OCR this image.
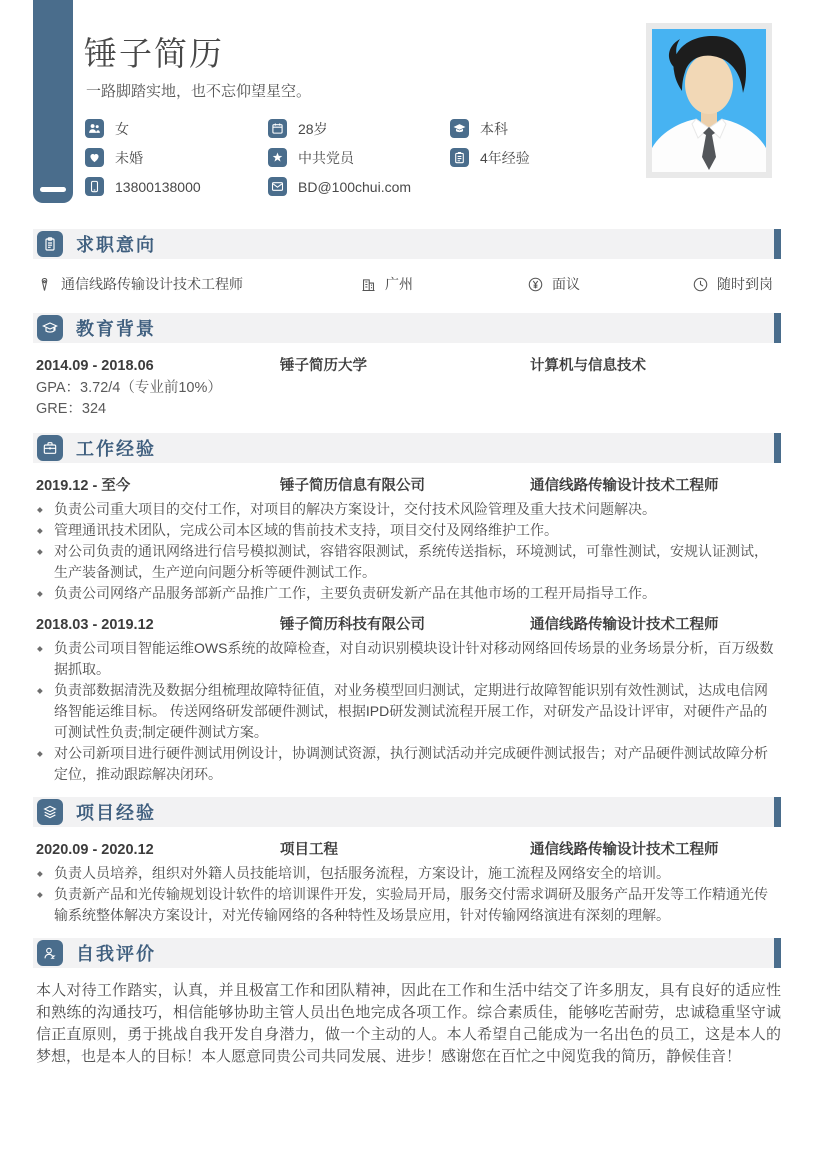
锤子简历

一路脚踏实地，也不忘仰望星空。

女	28岁	本科
未婚	中共党员	4年经验
13800138000	BD@100chui.com
求职意向
通信线路传输设计技术工程师	广州	面议	随时到岗
教育背景
2014.09 - 2018.06	锤子简历大学	计算机与信息技术

GPA：3.72/4（专业前10%）

GRE：324

工作经验
2019.12 - 至今	锤子简历信息有限公司	通信线路传输设计技术工程师
◆ 负责公司重大项目的交付工作，对项目的解决方案设计，交付技术风险管理及重大技术问题解决。
◆ 管理通讯技术团队，完成公司本区域的售前技术支持，项目交付及网络维护工作。
◆ 对公司负责的通讯网络进行信号模拟测试，容错容限测试，系统传送指标，环境测试，可靠性测试，安规认证测试，生产装备测试，生产逆向问题分析等硬件测试工作。
◆ 负责公司网络产品服务部新产品推广工作，主要负责研发新产品在其他市场的工程开局指导工作。
2018.03 - 2019.12	锤子简历科技有限公司	通信线路传输设计技术工程师
◆ 负责公司项目智能运维OWS系统的故障检查，对自动识别模块设计针对移动网络回传场景的业务场景分析，百万级数据抓取。
◆ 负责部数据清洗及数据分组梳理故障特征值，对业务模型回归测试，定期进行故障智能识别有效性测试，达成电信网络智能运维目标。 传送网络研发部硬件测试，根据IPD研发测试流程开展工作，对研发产品设计评审，对硬件产品的可测试性负责;制定硬件测试方案。
◆ 对公司新项目进行硬件测试用例设计，协调测试资源，执行测试活动并完成硬件测试报告；对产品硬件测试故障分析定位，推动跟踪解决闭环。
项目经验
2020.09 - 2020.12	项目工程	通信线路传输设计技术工程师
◆ 负责人员培养，组织对外籍人员技能培训，包括服务流程，方案设计，施工流程及网络安全的培训。
◆ 负责新产品和光传输规划设计软件的培训课件开发，实验局开局，服务交付需求调研及服务产品开发等工作精通光传输系统整体解决方案设计，对光传输网络的各种特性及场景应用，针对传输网络演进有深刻的理解。
自我评价

本人对待工作踏实，认真，并且极富工作和团队精神，因此在工作和生活中结交了许多朋友，具有良好的适应性和熟练的沟通技巧，相信能够协助主管人员出色地完成各项工作。综合素质佳，能够吃苦耐劳，忠诚稳重坚守诚信正直原则，勇于挑战自我开发自身潜力，做一个主动的人。本人希望自己能成为一名出色的员工，这是本人的梦想，也是本人的目标！本人愿意同贵公司共同发展、进步！感谢您在百忙之中阅览我的简历，静候佳音！
